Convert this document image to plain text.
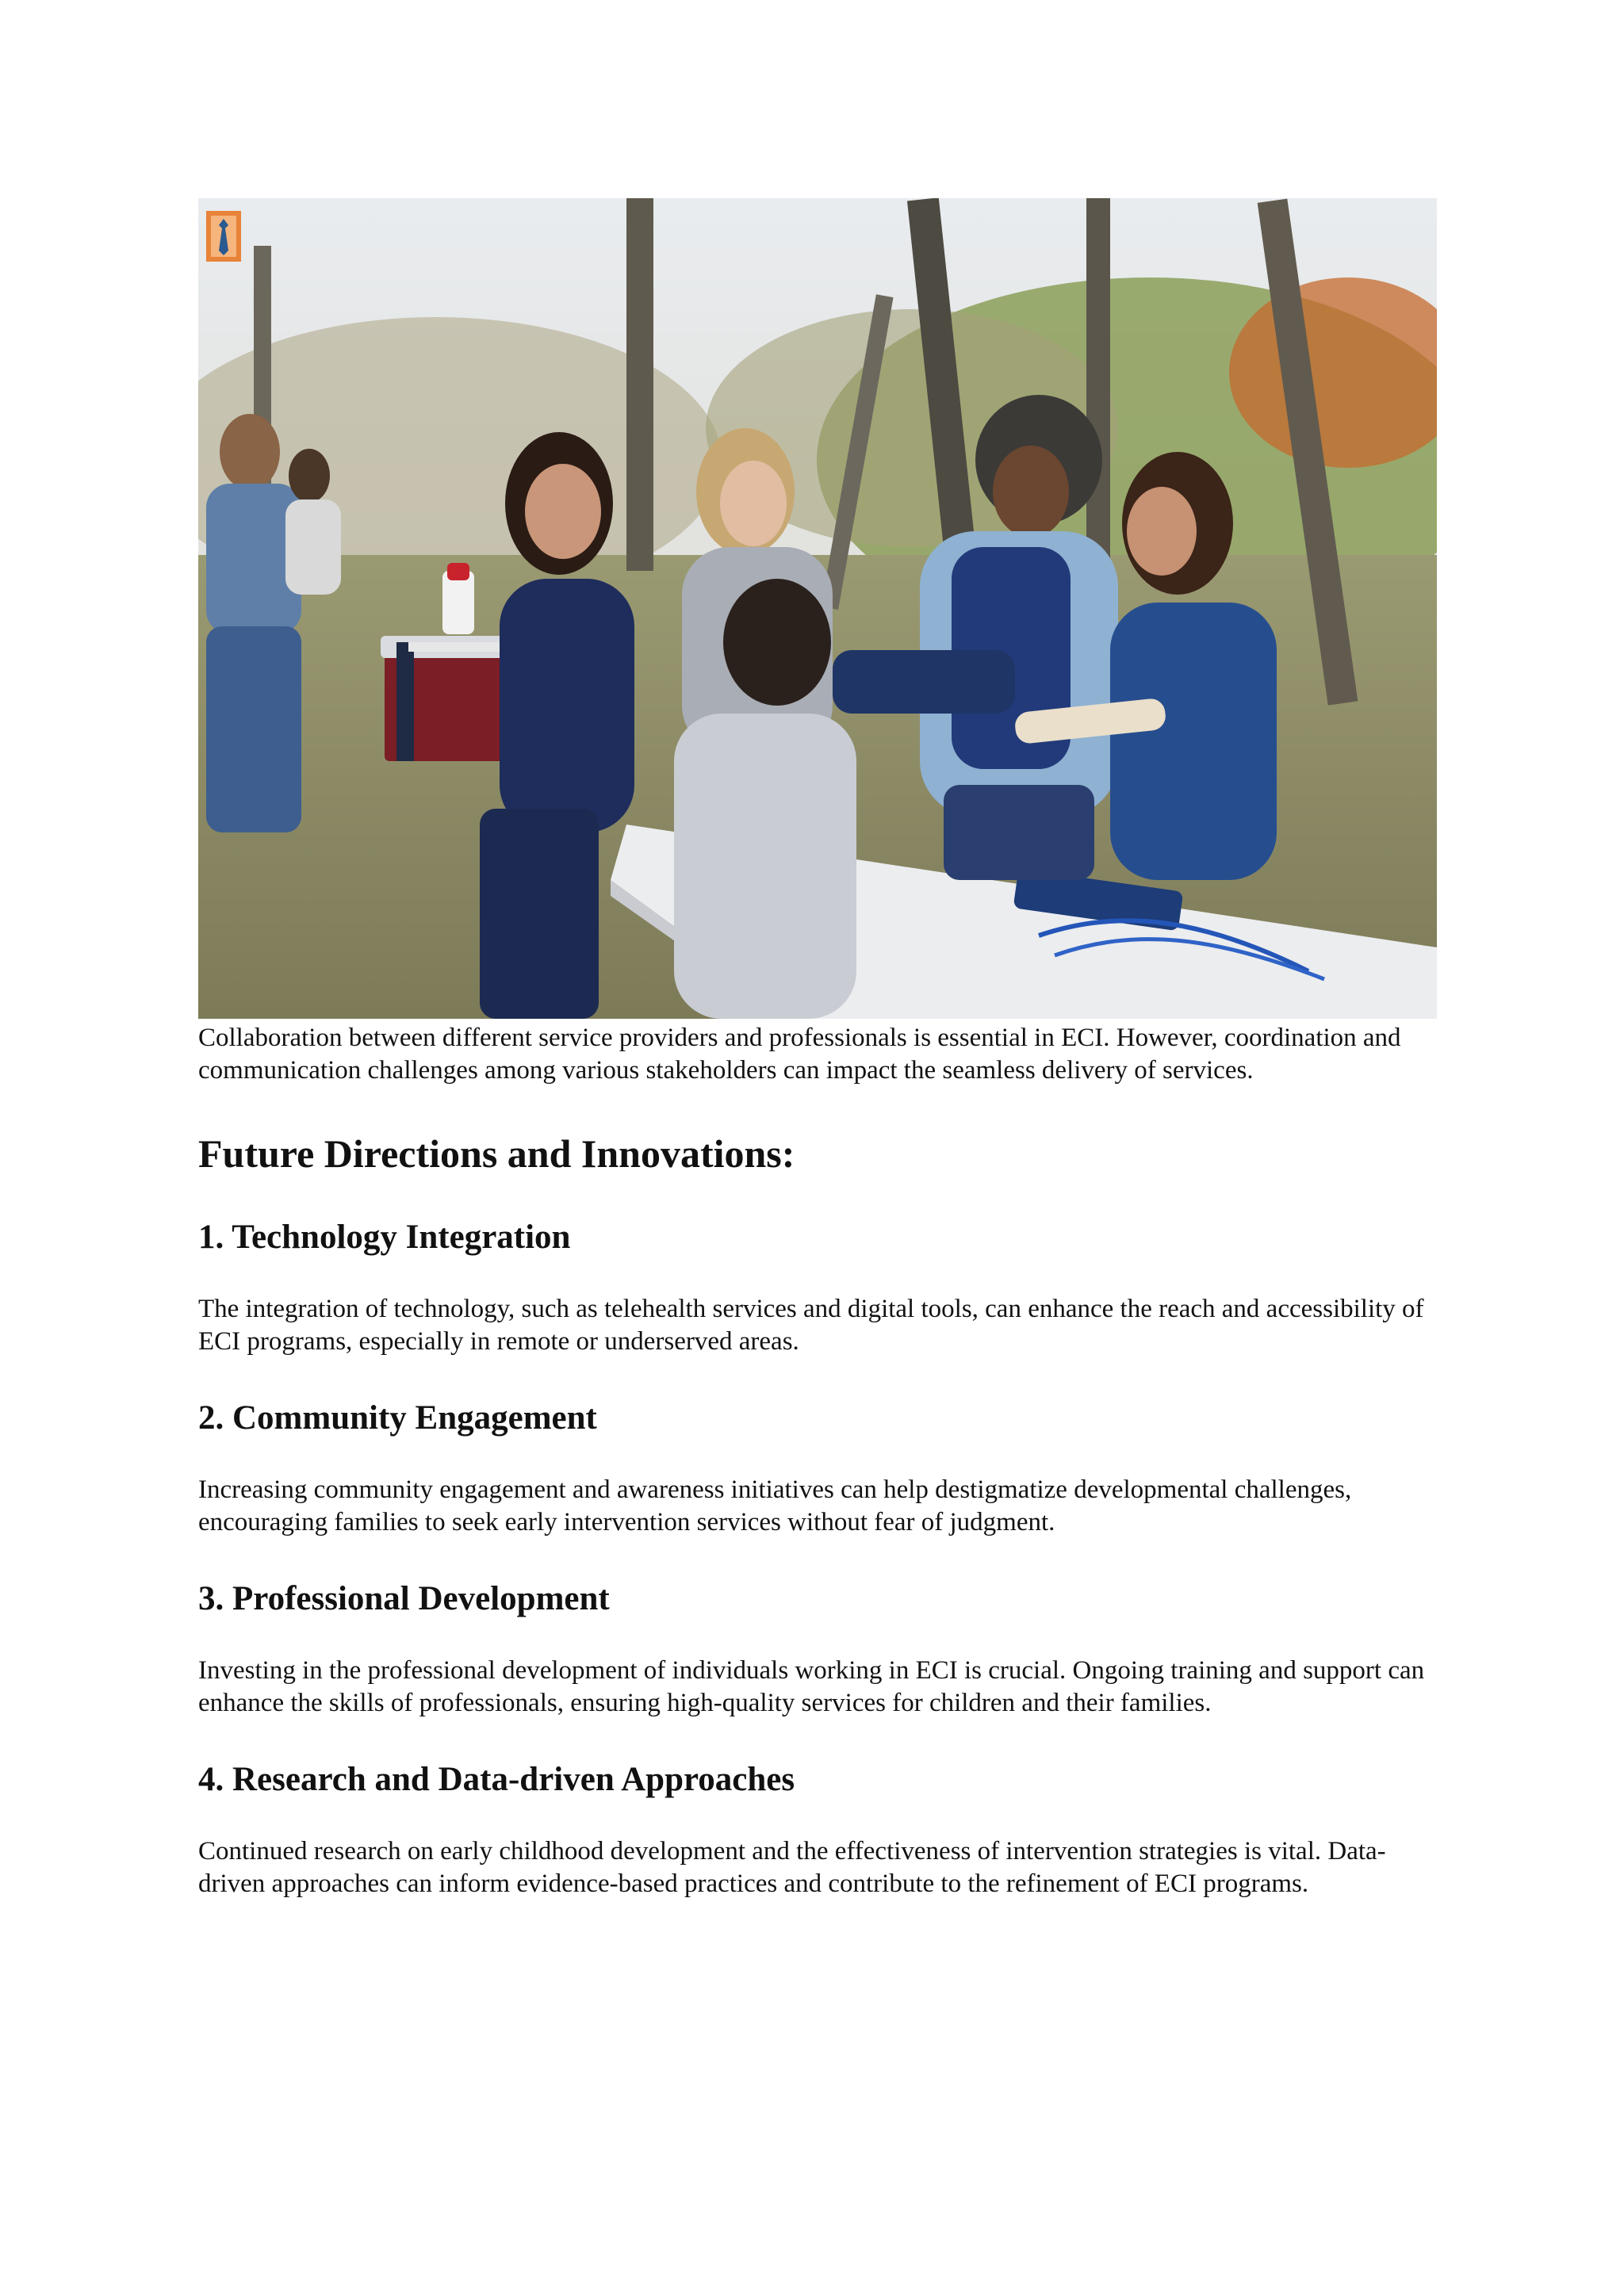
Collaboration between different service providers and professionals is essential in ECI. However, coordination and communication challenges among various stakeholders can impact the seamless delivery of services.

Future Directions and Innovations:
1. Technology Integration

The integration of technology, such as telehealth services and digital tools, can enhance the reach and accessibility of ECI programs, especially in remote or underserved areas.

2. Community Engagement

Increasing community engagement and awareness initiatives can help destigmatize developmental challenges, encouraging families to seek early intervention services without fear of judgment.

3. Professional Development

Investing in the professional development of individuals working in ECI is crucial. Ongoing training and support can enhance the skills of professionals, ensuring high-quality services for children and their families.

4. Research and Data-driven Approaches

Continued research on early childhood development and the effectiveness of intervention strategies is vital. Data-driven approaches can inform evidence-based practices and contribute to the refinement of ECI programs.
